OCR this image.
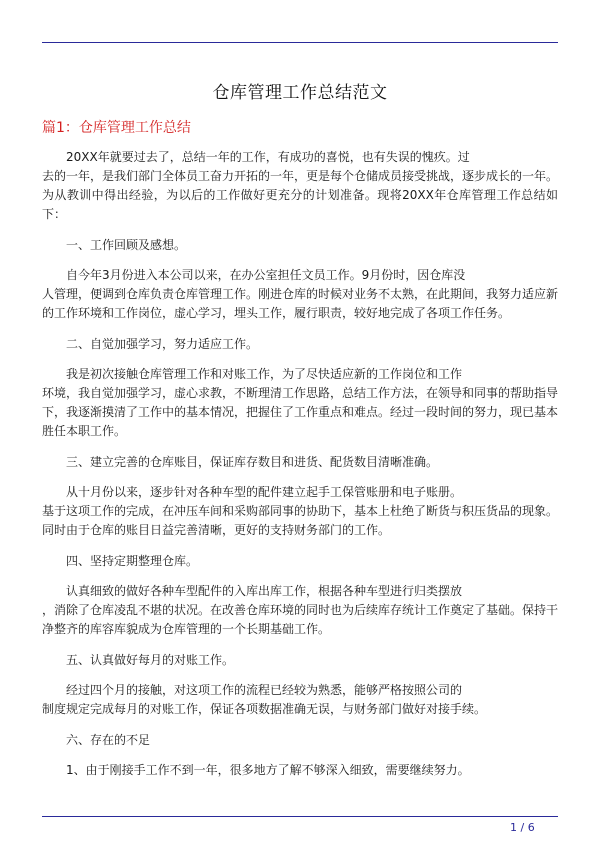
仓库管理工作总结范文
篇1：仓库管理工作总结

20XX年就要过去了，总结一年的工作，有成功的喜悦，也有失误的愧疚。过
去的一年，是我们部门全体员工奋力开拓的一年，更是每个仓储成员接受挑战，逐步成长的一年。为从教训中得出经验，为以后的工作做好更充分的计划准备。现将20XX年仓库管理工作总结如下：

一、工作回顾及感想。

自今年3月份进入本公司以来，在办公室担任文员工作。9月份时，因仓库没
人管理，便调到仓库负责仓库管理工作。刚进仓库的时候对业务不太熟，在此期间，我努力适应新的工作环境和工作岗位，虚心学习，埋头工作，履行职责，较好地完成了各项工作任务。

二、自觉加强学习，努力适应工作。

我是初次接触仓库管理工作和对账工作，为了尽快适应新的工作岗位和工作
环境，我自觉加强学习，虚心求教，不断理清工作思路，总结工作方法，在领导和同事的帮助指导下，我逐渐摸清了工作中的基本情况，把握住了工作重点和难点。经过一段时间的努力，现已基本胜任本职工作。

三、建立完善的仓库账目，保证库存数目和进货、配货数目清晰准确。

从十月份以来，逐步针对各种车型的配件建立起手工保管账册和电子账册。
基于这项工作的完成，在冲压车间和采购部同事的协助下，基本上杜绝了断货与积压货品的现象。同时由于仓库的账目日益完善清晰，更好的支持财务部门的工作。

四、坚持定期整理仓库。

认真细致的做好各种车型配件的入库出库工作，根据各种车型进行归类摆放
，消除了仓库凌乱不堪的状况。在改善仓库环境的同时也为后续库存统计工作奠定了基础。保持干净整齐的库容库貌成为仓库管理的一个长期基础工作。

五、认真做好每月的对账工作。

经过四个月的接触，对这项工作的流程已经较为熟悉，能够严格按照公司的
制度规定完成每月的对账工作，保证各项数据准确无误，与财务部门做好对接手续。

六、存在的不足

1、由于刚接手工作不到一年，很多地方了解不够深入细致，需要继续努力。

1 / 6
